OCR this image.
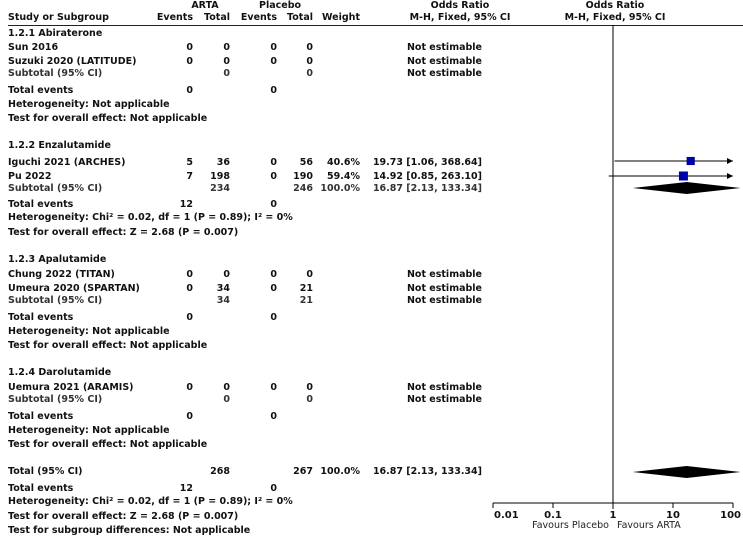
ARTA	Placebo	Odds Ratio	Odds Ratio
Study or Subgroup	Events	Total	Events	Total Weight	M-H, Fixed, 95% CI	M-H, Fixed, 95% CI
1.2.1 Abiraterone
Sun 2016	0	0	0	0	Not estimable
Suzuki 2020 (LATITUDE)	0	0	0	0	Not estimable
Subtotal (95% CI)	0	0	Not estimable
Total events	0	0
Heterogeneity: Not applicable
Test for overall effect: Not applicable
1.2.2 Enzalutamide
Iguchi 2021 (ARCHES)	5	36	0	56	40.6%	19.73 [1.06, 368.64]
Pu 2022	7	198	0	190	59.4%	14.92 [0.85, 263.10]
Subtotal (95% CI)	234	246 100.0%	16.87 [2.13, 133.34]
Total events	12	0
Heterogeneity: Chi² = 0.02, df = 1 (P = 0.89); I² = 0%
Test for overall effect: Z = 2.68 (P = 0.007)
1.2.3 Apalutamide
Chung 2022 (TITAN)	0	0	0	0	Not estimable
Umeura 2020 (SPARTAN)	0	34	0	21	Not estimable
Subtotal (95% CI)	34	21	Not estimable
Total events	0	0
Heterogeneity: Not applicable
Test for overall effect: Not applicable
1.2.4 Darolutamide
Uemura 2021 (ARAMIS)	0	0	0	0	Not estimable
Subtotal (95% CI)	0	0	Not estimable
Total events	0	0
Heterogeneity: Not applicable
Test for overall effect: Not applicable
Total (95% CI)	268	267 100.0%	16.87 [2.13, 133.34]
Total events	12	0
Heterogeneity: Chi² = 0.02, df = 1 (P = 0.89); I² = 0%
Test for overall effect: Z = 2.68 (P = 0.007)
Test for subgroup differences: Not applicable
0.01	0.1	1	10	100
Favours Placebo Favours ARTA
